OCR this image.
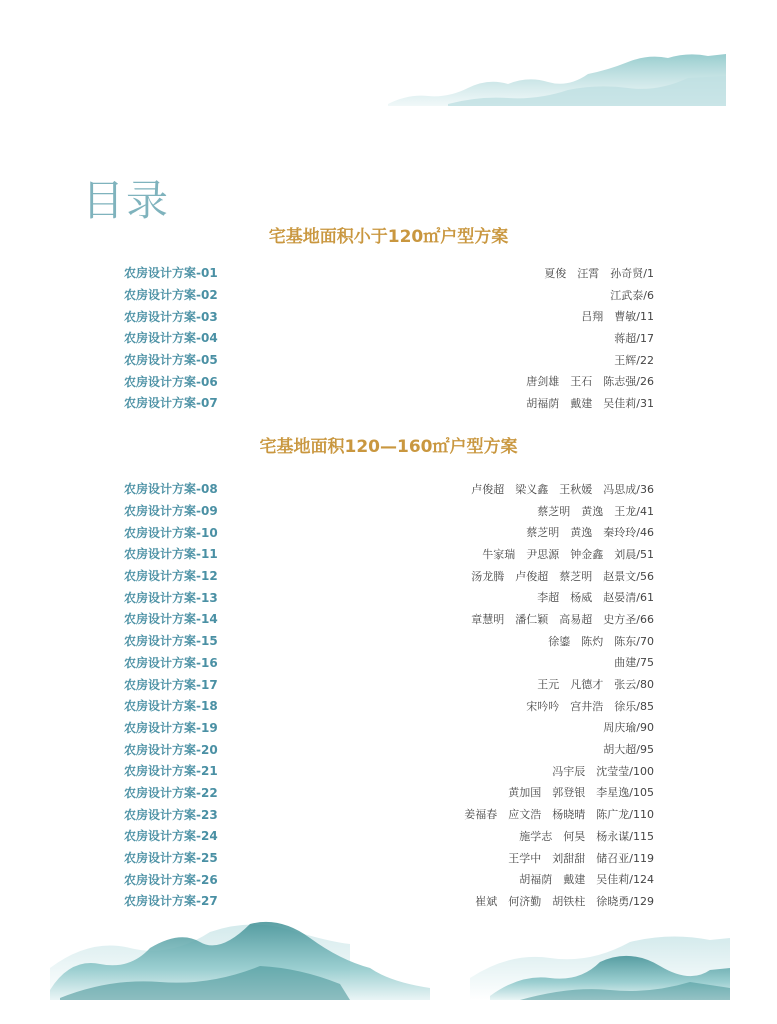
目录
宅基地面积小于120㎡户型方案
农房设计方案-01	夏俊　汪霄　孙奇贤/1
农房设计方案-02	江武泰/6
农房设计方案-03	吕翔　曹敏/11
农房设计方案-04	蒋超/17
农房设计方案-05	王辉/22
农房设计方案-06	唐剑雄　王石　陈志强/26
农房设计方案-07	胡福荫　戴建　吴佳莉/31
宅基地面积120—160㎡户型方案
农房设计方案-08	卢俊超　梁义鑫　王秋媛　冯思成/36
农房设计方案-09	蔡芝明　黄逸　王龙/41
农房设计方案-10	蔡芝明　黄逸　秦玲玲/46
农房设计方案-11	牛家瑞　尹思源　钟金鑫　刘晨/51
农房设计方案-12	汤龙腾　卢俊超　蔡芝明　赵景文/56
农房设计方案-13	李超　杨威　赵晏清/61
农房设计方案-14	章慧明　潘仁颖　高易超　史方圣/66
农房设计方案-15	徐鎏　陈灼　陈东/70
农房设计方案-16	曲建/75
农房设计方案-17	王元　凡德才　张云/80
农房设计方案-18	宋吟吟　宫井浩　徐乐/85
农房设计方案-19	周庆瑜/90
农房设计方案-20	胡大超/95
农房设计方案-21	冯宇辰　沈莹莹/100
农房设计方案-22	黄加国　郭登银　李星逸/105
农房设计方案-23	姜福春　应文浩　杨晓晴　陈广龙/110
农房设计方案-24	施学志　何昊　杨永谋/115
农房设计方案-25	王学中　刘甜甜　储召亚/119
农房设计方案-26	胡福荫　戴建　吴佳莉/124
农房设计方案-27	崔斌　何济勤　胡铁柱　徐晓勇/129
